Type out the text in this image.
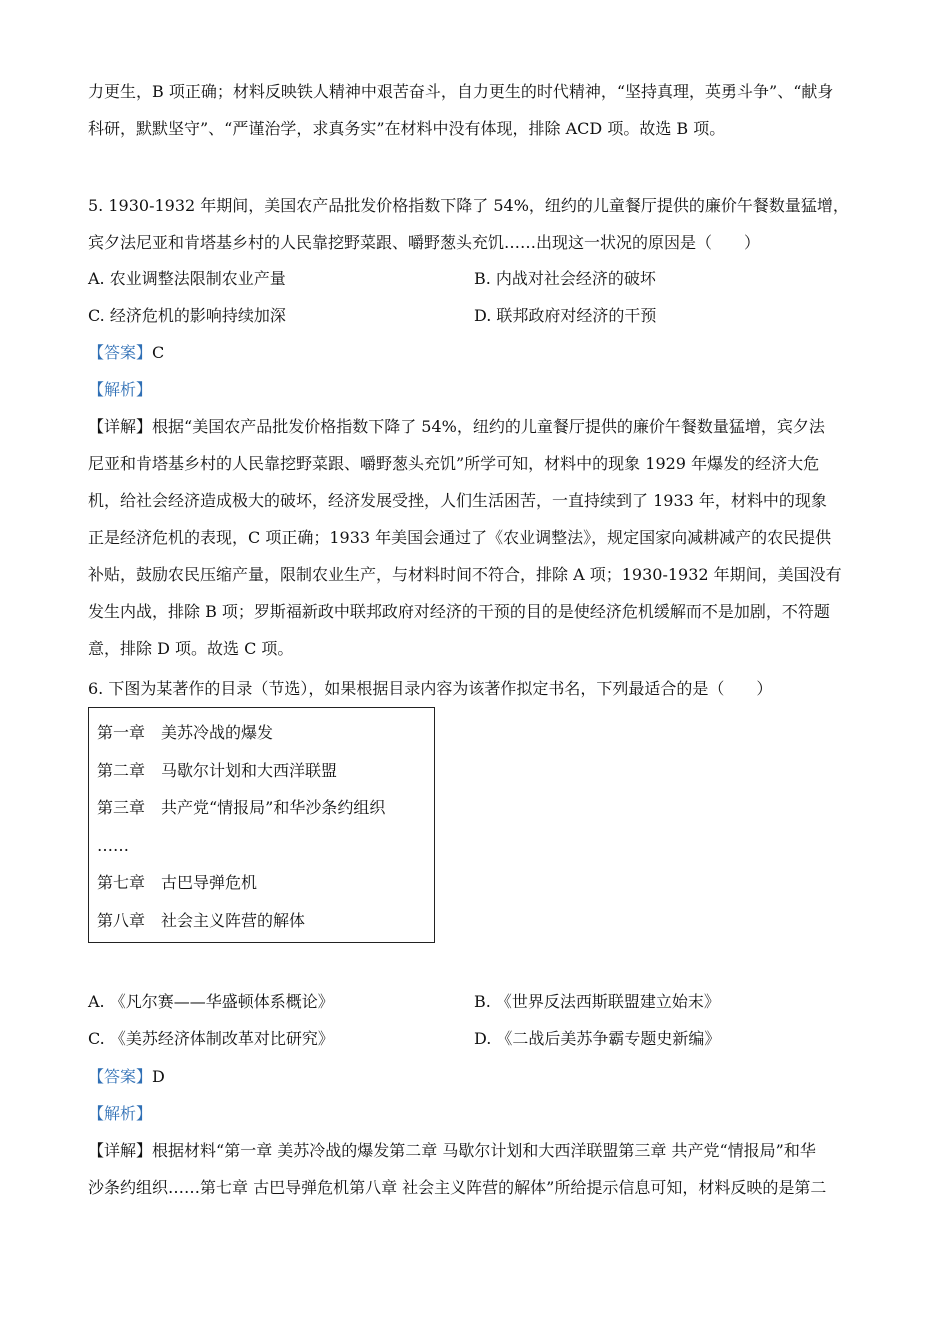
力更生，B 项正确；材料反映铁人精神中艰苦奋斗，自力更生的时代精神，“坚持真理，英勇斗争”、“献身
科研，默默坚守”、“严谨治学，求真务实”在材料中没有体现，排除 ACD 项。故选 B 项。
5. 1930-1932 年期间，美国农产品批发价格指数下降了 54%，纽约的儿童餐厅提供的廉价午餐数量猛增，
宾夕法尼亚和肯塔基乡村的人民靠挖野菜跟、嚼野葱头充饥……出现这一状况的原因是（　　）
A. 农业调整法限制农业产量	B. 内战对社会经济的破坏
C. 经济危机的影响持续加深	D. 联邦政府对经济的干预
【答案】C
【解析】
【详解】根据“美国农产品批发价格指数下降了 54%，纽约的儿童餐厅提供的廉价午餐数量猛增，宾夕法
尼亚和肯塔基乡村的人民靠挖野菜跟、嚼野葱头充饥”所学可知，材料中的现象 1929 年爆发的经济大危
机，给社会经济造成极大的破坏，经济发展受挫，人们生活困苦，一直持续到了 1933 年，材料中的现象
正是经济危机的表现，C 项正确；1933 年美国会通过了《农业调整法》，规定国家向减耕减产的农民提供
补贴，鼓励农民压缩产量，限制农业生产，与材料时间不符合，排除 A 项；1930-1932 年期间，美国没有
发生内战，排除 B 项；罗斯福新政中联邦政府对经济的干预的目的是使经济危机缓解而不是加剧，不符题
意，排除 D 项。故选 C 项。
6. 下图为某著作的目录（节选），如果根据目录内容为该著作拟定书名，下列最适合的是（　　）
第一章　美苏冷战的爆发
第二章　马歇尔计划和大西洋联盟
第三章　共产党“情报局”和华沙条约组织
……
第七章　古巴导弹危机
第八章　社会主义阵营的解体
A. 《凡尔赛——华盛顿体系概论》	B. 《世界反法西斯联盟建立始末》
C. 《美苏经济体制改革对比研究》	D. 《二战后美苏争霸专题史新编》
【答案】D
【解析】
【详解】根据材料“第一章 美苏冷战的爆发第二章 马歇尔计划和大西洋联盟第三章 共产党“情报局”和华
沙条约组织……第七章 古巴导弹危机第八章 社会主义阵营的解体”所给提示信息可知，材料反映的是第二
